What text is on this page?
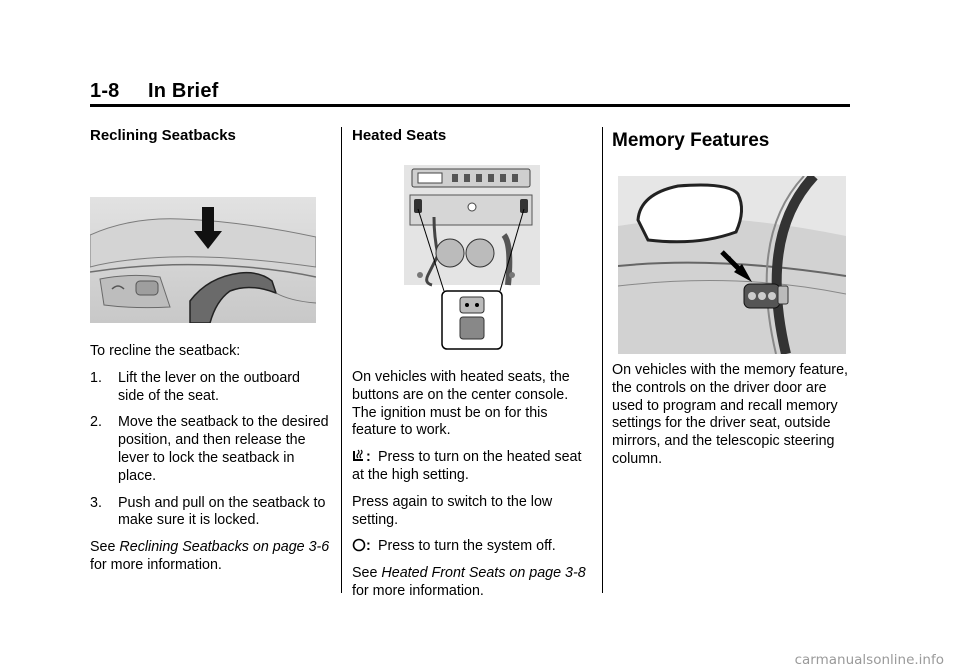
1-8 In Brief
Reclining Seatbacks

To recline the seatback:

1. Lift the lever on the outboard side of the seat.
2. Move the seatback to the desired position, and then release the lever to lock the seatback in place.
3. Push and pull on the seatback to make sure it is locked.

See Reclining Seatbacks on page 3-6 for more information.

Heated Seats

On vehicles with heated seats, the buttons are on the center console. The ignition must be on for this feature to work.

: Press to turn on the heated seat at the high setting.

Press again to switch to the low setting.

: Press to turn the system off.

See Heated Front Seats on page 3-8 for more information.

Memory Features

On vehicles with the memory feature, the controls on the driver door are used to program and recall memory settings for the driver seat, outside mirrors, and the telescopic steering column.

carmanualsonline.info
